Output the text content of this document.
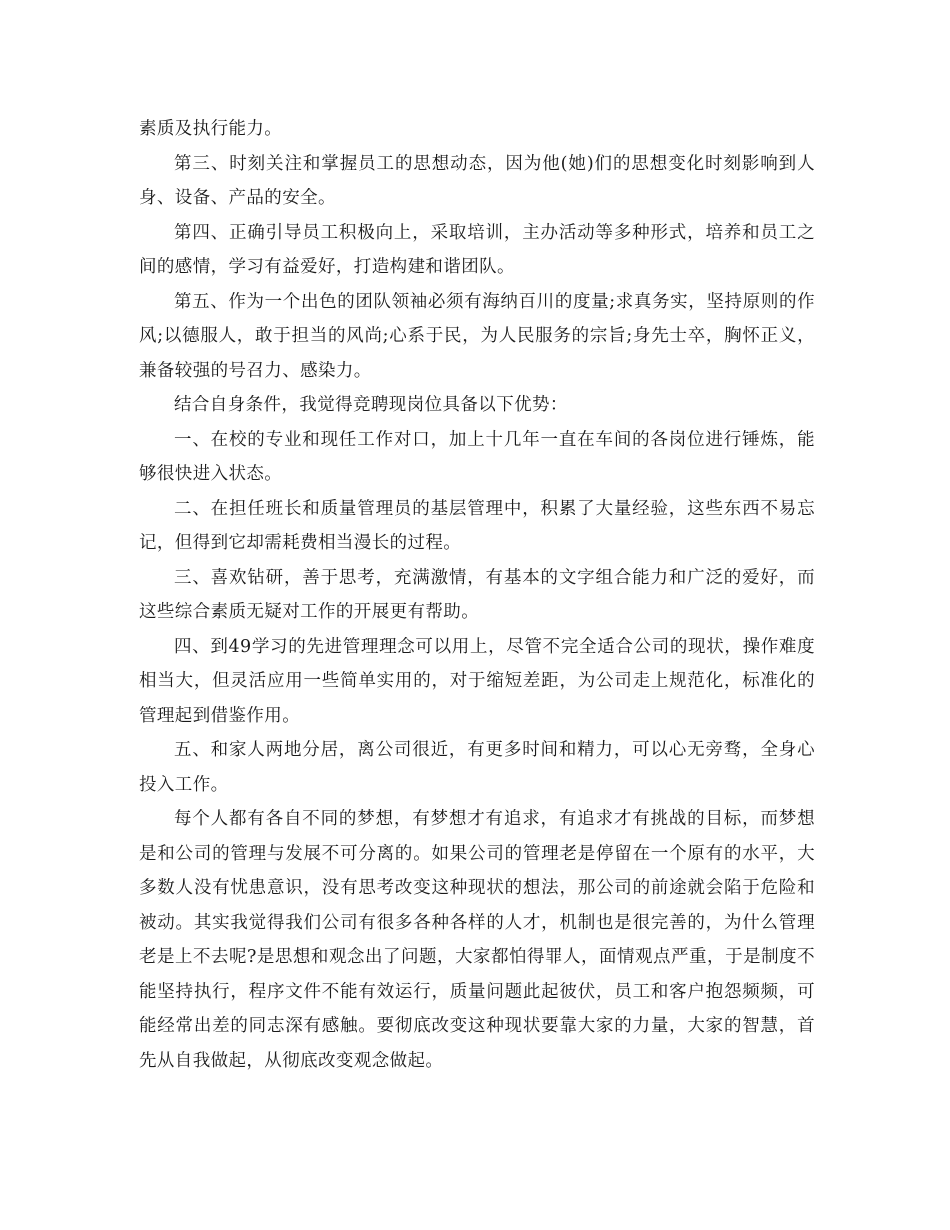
素质及执行能力。

第三、时刻关注和掌握员工的思想动态，因为他(她)们的思想变化时刻影响到人身、设备、产品的安全。

第四、正确引导员工积极向上，采取培训，主办活动等多种形式，培养和员工之间的感情，学习有益爱好，打造构建和谐团队。

第五、作为一个出色的团队领袖必须有海纳百川的度量;求真务实，坚持原则的作风;以德服人，敢于担当的风尚;心系于民，为人民服务的宗旨;身先士卒，胸怀正义，兼备较强的号召力、感染力。

结合自身条件，我觉得竞聘现岗位具备以下优势：

一、在校的专业和现任工作对口，加上十几年一直在车间的各岗位进行锤炼，能够很快进入状态。

二、在担任班长和质量管理员的基层管理中，积累了大量经验，这些东西不易忘记，但得到它却需耗费相当漫长的过程。

三、喜欢钻研，善于思考，充满激情，有基本的文字组合能力和广泛的爱好，而这些综合素质无疑对工作的开展更有帮助。

四、到49学习的先进管理理念可以用上，尽管不完全适合公司的现状，操作难度相当大，但灵活应用一些简单实用的，对于缩短差距，为公司走上规范化，标准化的管理起到借鉴作用。

五、和家人两地分居，离公司很近，有更多时间和精力，可以心无旁骛，全身心投入工作。

每个人都有各自不同的梦想，有梦想才有追求，有追求才有挑战的目标，而梦想是和公司的管理与发展不可分离的。如果公司的管理老是停留在一个原有的水平，大多数人没有忧患意识，没有思考改变这种现状的想法，那公司的前途就会陷于危险和被动。其实我觉得我们公司有很多各种各样的人才，机制也是很完善的，为什么管理老是上不去呢?是思想和观念出了问题，大家都怕得罪人，面情观点严重，于是制度不能坚持执行，程序文件不能有效运行，质量问题此起彼伏，员工和客户抱怨频频，可能经常出差的同志深有感触。要彻底改变这种现状要靠大家的力量，大家的智慧，首先从自我做起，从彻底改变观念做起。
